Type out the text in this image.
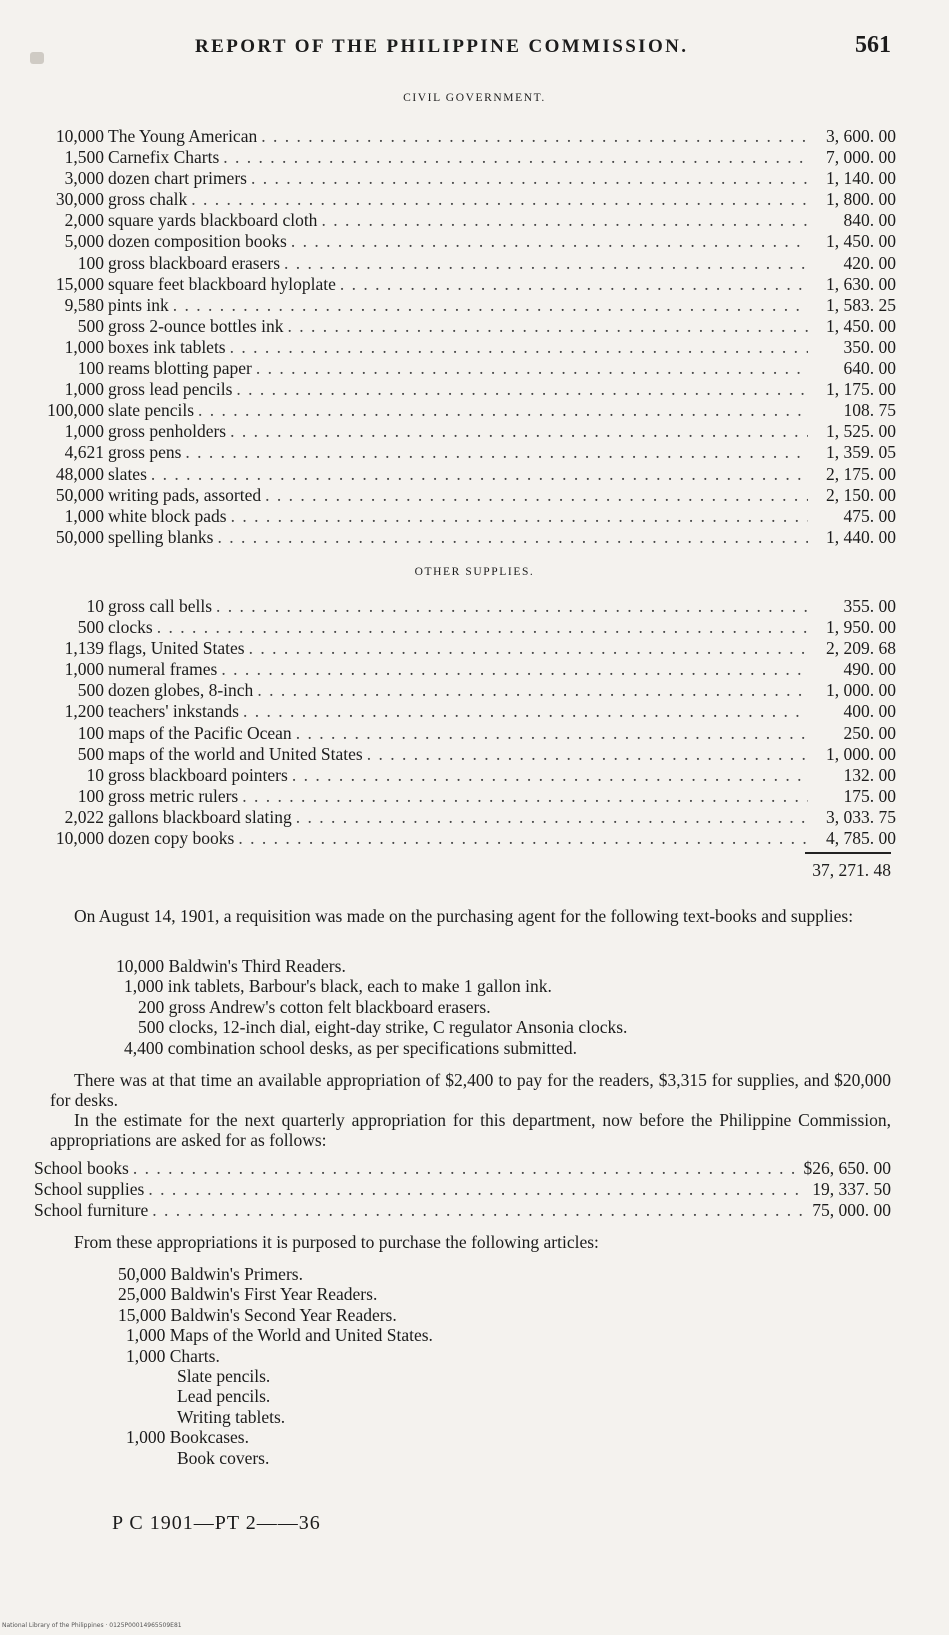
REPORT OF THE PHILIPPINE COMMISSION.	561
CIVIL GOVERNMENT.
10,000 The Young American . . .	3, 600. 00
1,500 Carnefix Charts . . .	7, 000. 00
3,000 dozen chart primers . . .	1, 140. 00
30,000 gross chalk . . .	1, 800. 00
2,000 square yards blackboard cloth . . .	840. 00
5,000 dozen composition books . . .	1, 450. 00
100 gross blackboard erasers . . .	420. 00
15,000 square feet blackboard hyloplate . . .	1, 630. 00
9,580 pints ink . . .	1, 583. 25
500 gross 2-ounce bottles ink . . .	1, 450. 00
1,000 boxes ink tablets . . .	350. 00
100 reams blotting paper . . .	640. 00
1,000 gross lead pencils . . .	1, 175. 00
100,000 slate pencils . . .	108. 75
1,000 gross penholders . . .	1, 525. 00
4,621 gross pens . . .	1, 359. 05
48,000 slates . . .	2, 175. 00
50,000 writing pads, assorted . . .	2, 150. 00
1,000 white block pads . . .	475. 00
50,000 spelling blanks . . .	1, 440. 00
OTHER SUPPLIES.
10 gross call bells . . .	355. 00
500 clocks . . .	1, 950. 00
1,139 flags, United States . . .	2, 209. 68
1,000 numeral frames . . .	490. 00
500 dozen globes, 8-inch . . .	1, 000. 00
1,200 teachers' inkstands . . .	400. 00
100 maps of the Pacific Ocean . . .	250. 00
500 maps of the world and United States . . .	1, 000. 00
10 gross blackboard pointers . . .	132. 00
100 gross metric rulers . . .	175. 00
2,022 gallons blackboard slating . . .	3, 033. 75
10,000 dozen copy books . . .	4, 785. 00
37, 271. 48
On August 14, 1901, a requisition was made on the purchasing agent for the following text-books and supplies:
10,000 Baldwin's Third Readers.
1,000 ink tablets, Barbour's black, each to make 1 gallon ink.
200 gross Andrew's cotton felt blackboard erasers.
500 clocks, 12-inch dial, eight-day strike, C regulator Ansonia clocks.
4,400 combination school desks, as per specifications submitted.
There was at that time an available appropriation of $2,400 to pay for the readers, $3,315 for supplies, and $20,000 for desks.
In the estimate for the next quarterly appropriation for this department, now before the Philippine Commission, appropriations are asked for as follows:
School books . . .	$26, 650. 00
School supplies . . .	19, 337. 50
School furniture . . .	75, 000. 00
From these appropriations it is purposed to purchase the following articles:
50,000 Baldwin's Primers.
25,000 Baldwin's First Year Readers.
15,000 Baldwin's Second Year Readers.
1,000 Maps of the World and United States.
1,000 Charts.
Slate pencils.
Lead pencils.
Writing tablets.
1,000 Bookcases.
Book covers.
P C 1901—PT 2——36
National Library of the Philippines · 0125P00014965509E81
